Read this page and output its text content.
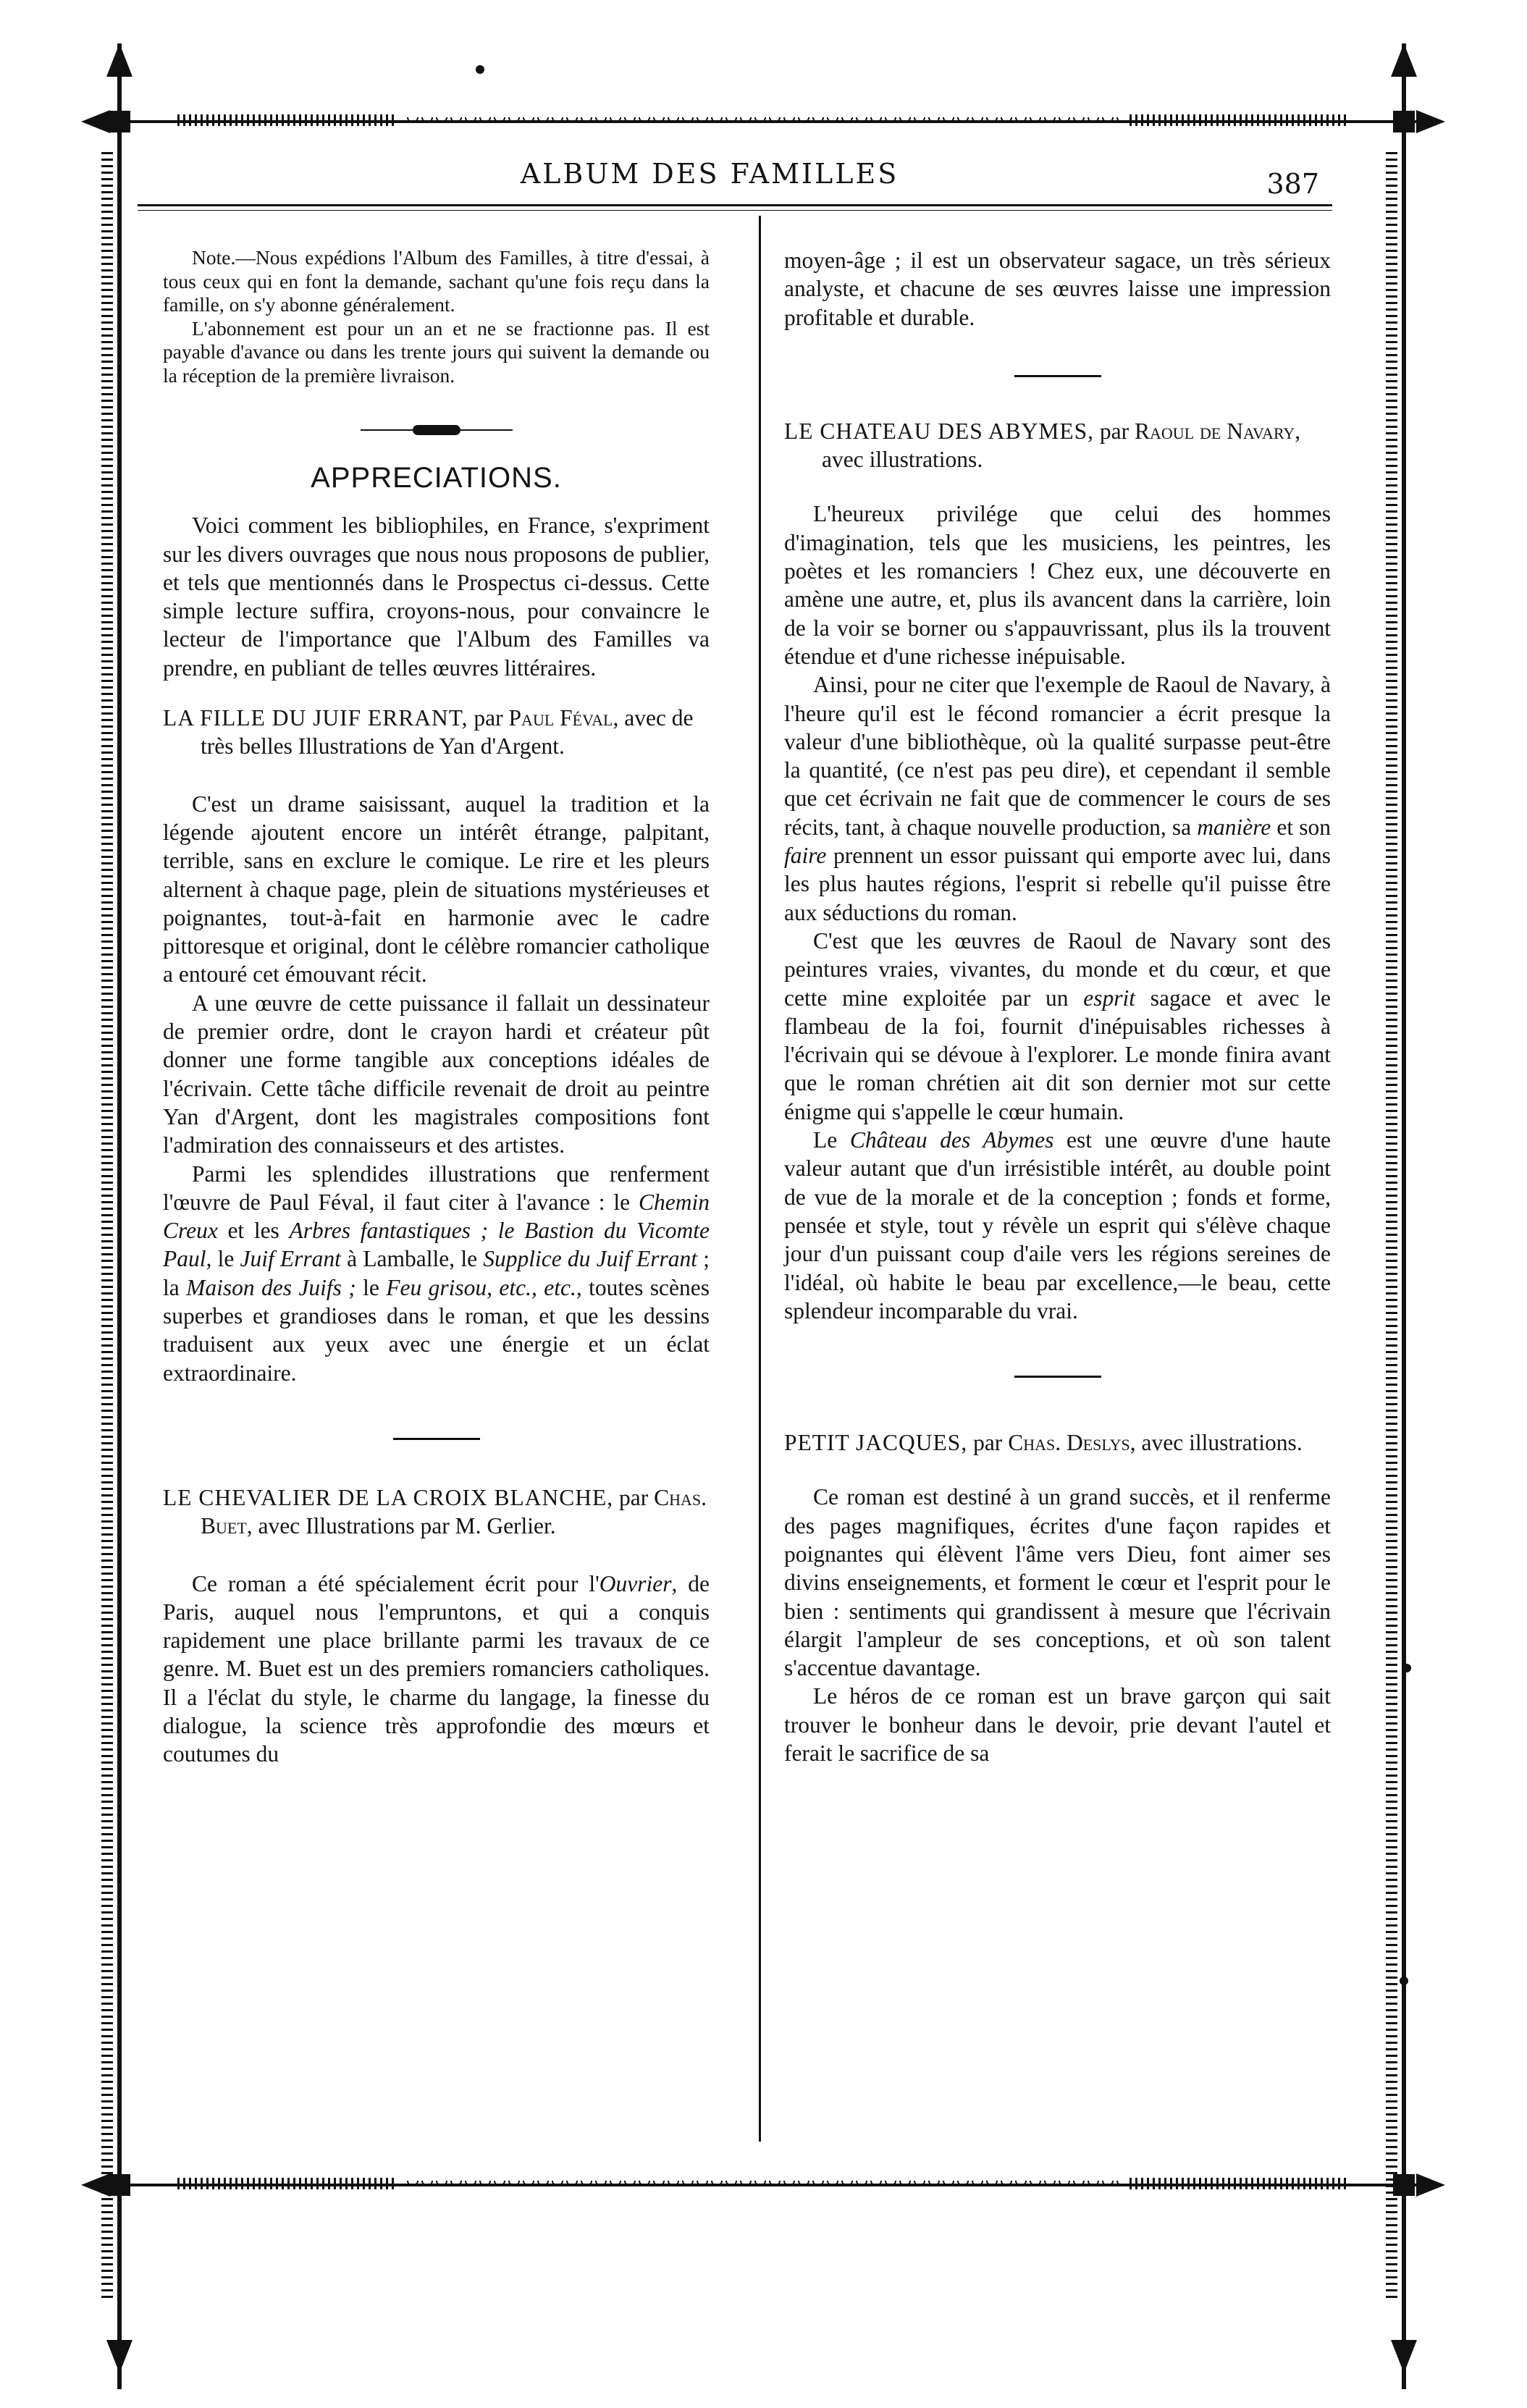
ALBUM DES FAMILLES	387

Note.—Nous expédions l'Album des Familles, à titre d'essai, à tous ceux qui en font la demande, sachant qu'une fois reçu dans la famille, on s'y abonne généralement.

L'abonnement est pour un an et ne se fractionne pas. Il est payable d'avance ou dans les trente jours qui suivent la demande ou la réception de la première livraison.

APPRECIATIONS.

Voici comment les bibliophiles, en France, s'expriment sur les divers ouvrages que nous nous proposons de publier, et tels que mentionnés dans le Prospectus ci-dessus. Cette simple lecture suffira, croyons-nous, pour convaincre le lecteur de l'importance que l'Album des Familles va prendre, en publiant de telles œuvres littéraires.

LA FILLE DU JUIF ERRANT, par Paul Féval, avec de très belles Illustrations de Yan d'Argent.

C'est un drame saisissant, auquel la tradition et la légende ajoutent encore un intérêt étrange, palpitant, terrible, sans en exclure le comique. Le rire et les pleurs alternent à chaque page, plein de situations mystérieuses et poignantes, tout-à-fait en harmonie avec le cadre pittoresque et original, dont le célèbre romancier catholique a entouré cet émouvant récit.

A une œuvre de cette puissance il fallait un dessinateur de premier ordre, dont le crayon hardi et créateur pût donner une forme tangible aux conceptions idéales de l'écrivain. Cette tâche difficile revenait de droit au peintre Yan d'Argent, dont les magistrales compositions font l'admiration des connaisseurs et des artistes.

Parmi les splendides illustrations que renferment l'œuvre de Paul Féval, il faut citer à l'avance : le Chemin Creux et les Arbres fantastiques ; le Bastion du Vicomte Paul, le Juif Errant à Lamballe, le Supplice du Juif Errant ; la Maison des Juifs ; le Feu grisou, etc., etc., toutes scènes superbes et grandioses dans le roman, et que les dessins traduisent aux yeux avec une énergie et un éclat extraordinaire.

LE CHEVALIER DE LA CROIX BLANCHE, par Chas. Buet, avec Illustrations par M. Gerlier.

Ce roman a été spécialement écrit pour l'Ouvrier, de Paris, auquel nous l'empruntons, et qui a conquis rapidement une place brillante parmi les travaux de ce genre. M. Buet est un des premiers romanciers catholiques. Il a l'éclat du style, le charme du langage, la finesse du dialogue, la science très approfondie des mœurs et coutumes du

moyen-âge ; il est un observateur sagace, un très sérieux analyste, et chacune de ses œuvres laisse une impression profitable et durable.

LE CHATEAU DES ABYMES, par Raoul de Navary, avec illustrations.

L'heureux privilége que celui des hommes d'imagination, tels que les musiciens, les peintres, les poètes et les romanciers ! Chez eux, une découverte en amène une autre, et, plus ils avancent dans la carrière, loin de la voir se borner ou s'appauvrissant, plus ils la trouvent étendue et d'une richesse inépuisable.

Ainsi, pour ne citer que l'exemple de Raoul de Navary, à l'heure qu'il est le fécond romancier a écrit presque la valeur d'une bibliothèque, où la qualité surpasse peut-être la quantité, (ce n'est pas peu dire), et cependant il semble que cet écrivain ne fait que de commencer le cours de ses récits, tant, à chaque nouvelle production, sa manière et son faire prennent un essor puissant qui emporte avec lui, dans les plus hautes régions, l'esprit si rebelle qu'il puisse être aux séductions du roman.

C'est que les œuvres de Raoul de Navary sont des peintures vraies, vivantes, du monde et du cœur, et que cette mine exploitée par un esprit sagace et avec le flambeau de la foi, fournit d'inépuisables richesses à l'écrivain qui se dévoue à l'explorer. Le monde finira avant que le roman chrétien ait dit son dernier mot sur cette énigme qui s'appelle le cœur humain.

Le Château des Abymes est une œuvre d'une haute valeur autant que d'un irrésistible intérêt, au double point de vue de la morale et de la conception ; fonds et forme, pensée et style, tout y révèle un esprit qui s'élève chaque jour d'un puissant coup d'aile vers les régions sereines de l'idéal, où habite le beau par excellence,—le beau, cette splendeur incomparable du vrai.

PETIT JACQUES, par Chas. Deslys, avec illustrations.

Ce roman est destiné à un grand succès, et il renferme des pages magnifiques, écrites d'une façon rapides et poignantes qui élèvent l'âme vers Dieu, font aimer ses divins enseignements, et forment le cœur et l'esprit pour le bien : sentiments qui grandissent à mesure que l'écrivain élargit l'ampleur de ses conceptions, et où son talent s'accentue davantage.

Le héros de ce roman est un brave garçon qui sait trouver le bonheur dans le devoir, prie devant l'autel et ferait le sacrifice de sa
